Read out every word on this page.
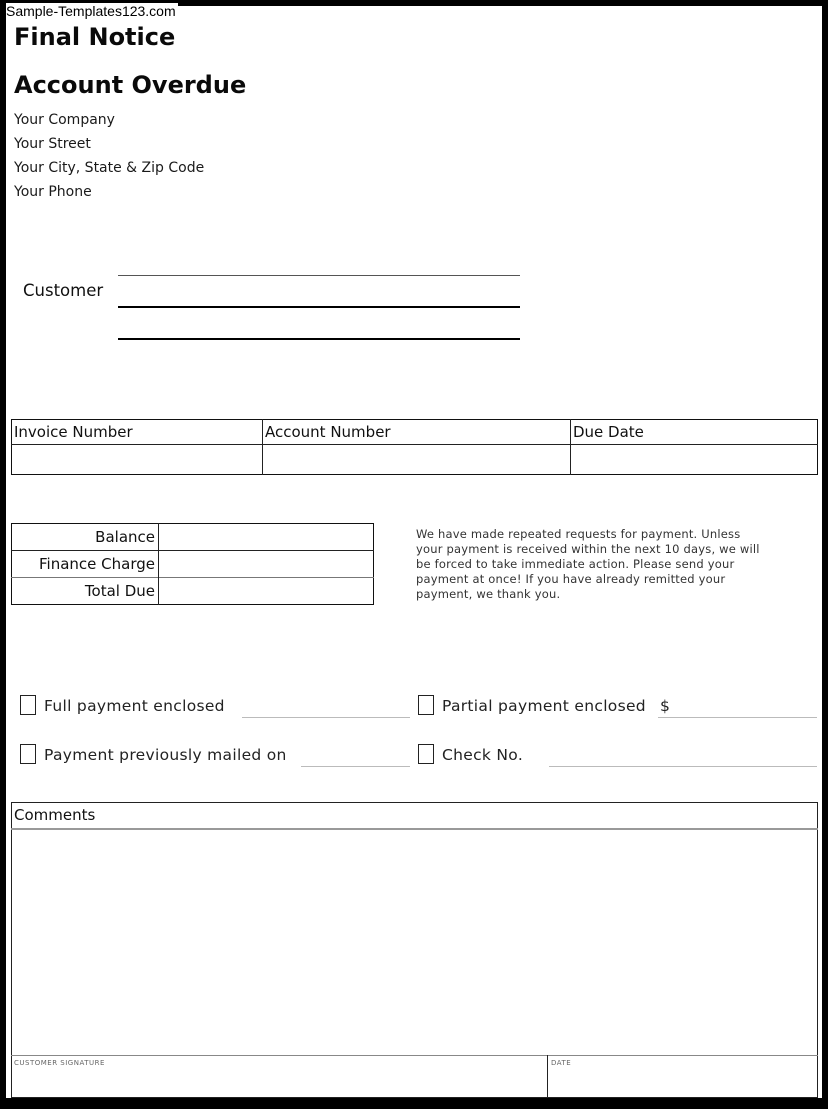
Sample-Templates123.com
Final Notice
Account Overdue
Your Company
Your Street
Your City, State & Zip Code
Your Phone
Customer
Invoice Number	Account Number	Due Date
Balance
Finance Charge
Total Due
We have made repeated requests for payment. Unless
your payment is received within the next 10 days, we will
be forced to take immediate action. Please send your
payment at once! If you have already remitted your
payment, we thank you.
Full payment enclosed	Partial payment enclosed $
Payment previously mailed on	Check No.
Comments
CUSTOMER SIGNATURE	DATE
